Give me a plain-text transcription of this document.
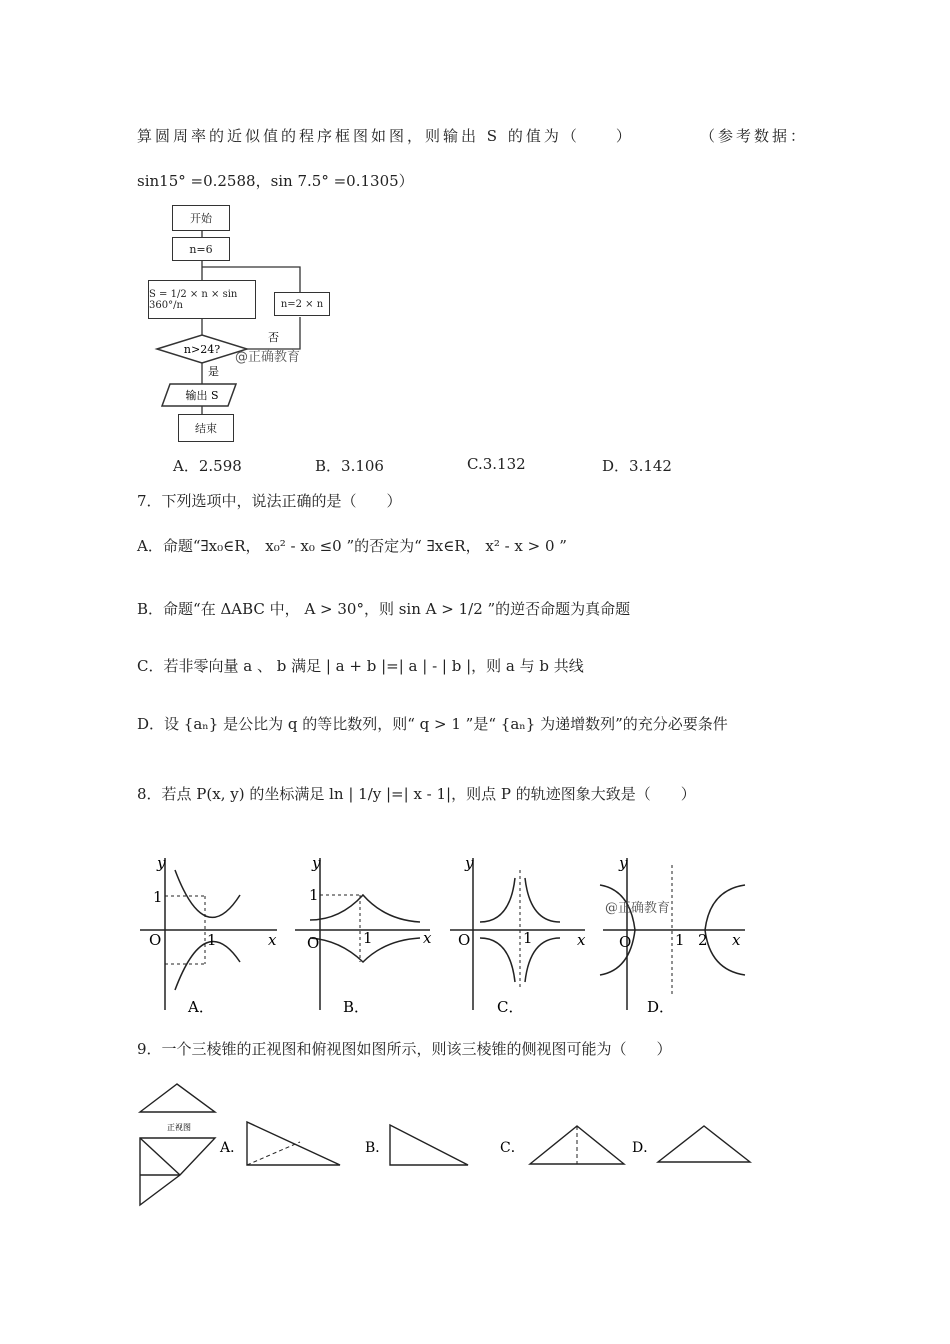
算圆周率的近似值的程序框图如图，则输出 S 的值为（　　）	（参考数据：
sin15° =0.2588，sin 7.5° =0.1305）
n>24?
输出 S
否
是
开始
n=6
S = 1/2 × n × sin 360°/n	n=2 × n
结束
@正确教育
A．2.598	B．3.106	C.3.132	D．3.142
7．下列选项中，说法正确的是（　　）
A．命题“∃x₀∈R， x₀² - x₀ ≤0 ”的否定为“ ∃x∈R， x² - x > 0 ”
B．命题“在 ΔABC 中， A > 30°，则 sin A > 1/2 ”的逆否命题为真命题
C．若非零向量 a 、 b 满足 | a + b |=| a | - | b |，则 a 与 b 共线
D．设 {aₙ} 是公比为 q 的等比数列，则“ q > 1 ”是“ {aₙ} 为递增数列”的充分必要条件
8．若点 P(x, y) 的坐标满足 ln | 1/y |=| x - 1|，则点 P 的轨迹图象大致是（　　）
y
x
O
1
1
y
x
O
1
1
y
x
O	1
y
x
O	1 2
@正确教育
A．	B．	C．	D．
9．一个三棱锥的正视图和俯视图如图所示，则该三棱锥的侧视图可能为（　　）
正视图
A．	B．	C．	D．
